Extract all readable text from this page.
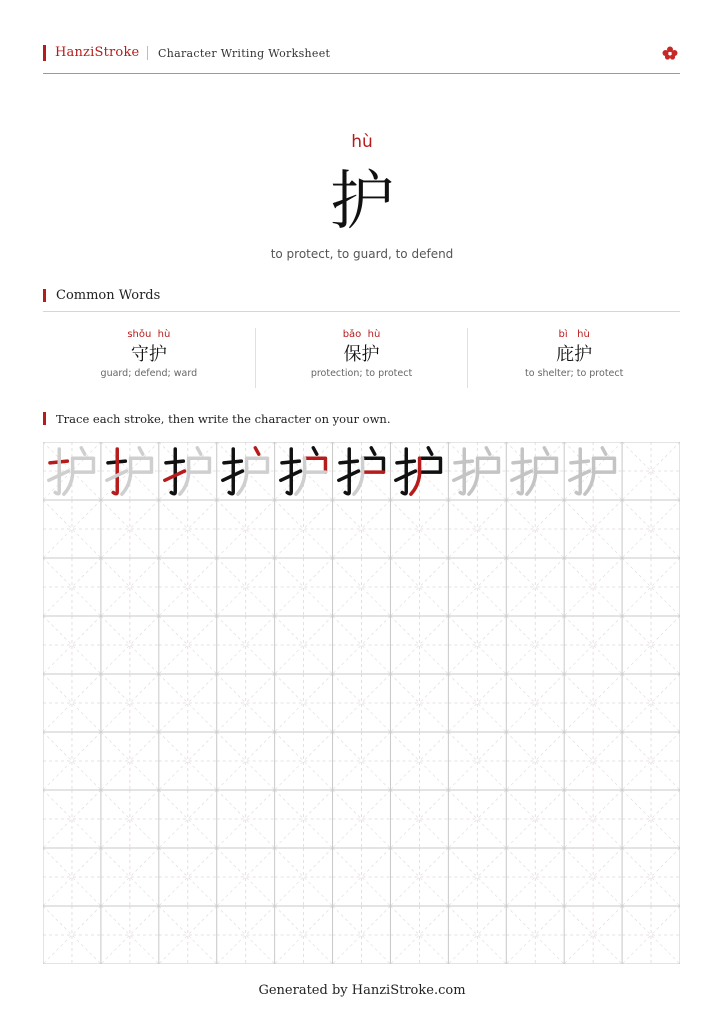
HanziStroke Character Writing Worksheet
hù
护
to protect, to guard, to defend
Common Words
shǒu  hù
守护
guard; defend; ward
bǎo  hù
保护
protection; to protect
bì   hù
庇护
to shelter; to protect
Trace each stroke, then write the character on your own.
Generated by HanziStroke.com
